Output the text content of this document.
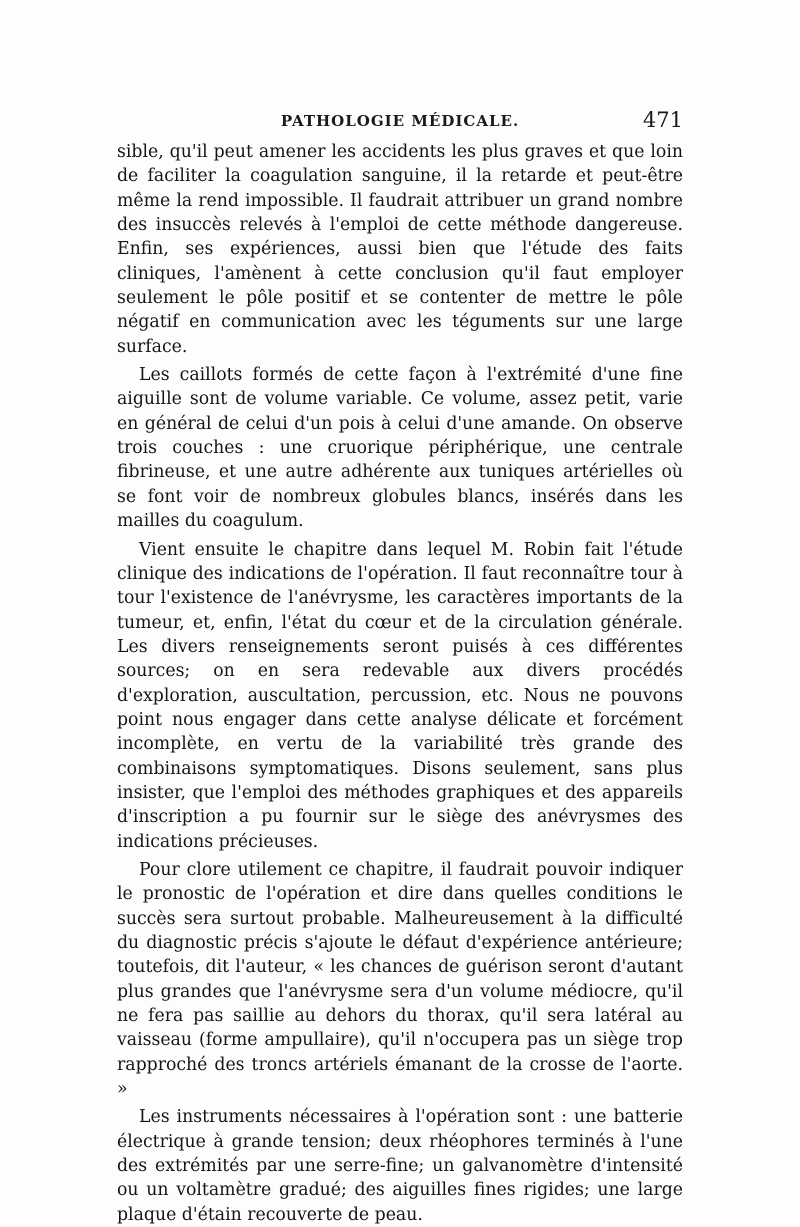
PATHOLOGIE MÉDICALE.	471

sible, qu'il peut amener les accidents les plus graves et que loin de faciliter la coagulation sanguine, il la retarde et peut-être même la rend impossible. Il faudrait attribuer un grand nombre des insuccès relevés à l'emploi de cette méthode dangereuse. Enfin, ses expériences, aussi bien que l'étude des faits cliniques, l'amènent à cette conclusion qu'il faut employer seulement le pôle positif et se contenter de mettre le pôle négatif en communication avec les téguments sur une large surface.

Les caillots formés de cette façon à l'extrémité d'une fine aiguille sont de volume variable. Ce volume, assez petit, varie en général de celui d'un pois à celui d'une amande. On observe trois couches : une cruorique périphérique, une centrale fibrineuse, et une autre adhérente aux tuniques artérielles où se font voir de nombreux globules blancs, insérés dans les mailles du coagulum.

Vient ensuite le chapitre dans lequel M. Robin fait l'étude clinique des indications de l'opération. Il faut reconnaître tour à tour l'existence de l'anévrysme, les caractères importants de la tumeur, et, enfin, l'état du cœur et de la circulation générale. Les divers renseignements seront puisés à ces différentes sources; on en sera redevable aux divers procédés d'exploration, auscultation, percussion, etc. Nous ne pouvons point nous engager dans cette analyse délicate et forcément incomplète, en vertu de la variabilité très grande des combinaisons symptomatiques. Disons seulement, sans plus insister, que l'emploi des méthodes graphiques et des appareils d'inscription a pu fournir sur le siège des anévrysmes des indications précieuses.

Pour clore utilement ce chapitre, il faudrait pouvoir indiquer le pronostic de l'opération et dire dans quelles conditions le succès sera surtout probable. Malheureusement à la difficulté du diagnostic précis s'ajoute le défaut d'expérience antérieure; toutefois, dit l'auteur, « les chances de guérison seront d'autant plus grandes que l'anévrysme sera d'un volume médiocre, qu'il ne fera pas saillie au dehors du thorax, qu'il sera latéral au vaisseau (forme ampullaire), qu'il n'occupera pas un siège trop rapproché des troncs artériels émanant de la crosse de l'aorte. »

Les instruments nécessaires à l'opération sont : une batterie électrique à grande tension; deux rhéophores terminés à l'une des extrémités par une serre-fine; un galvanomètre d'intensité ou un voltamètre gradué; des aiguilles fines rigides; une large plaque d'étain recouverte de peau.
